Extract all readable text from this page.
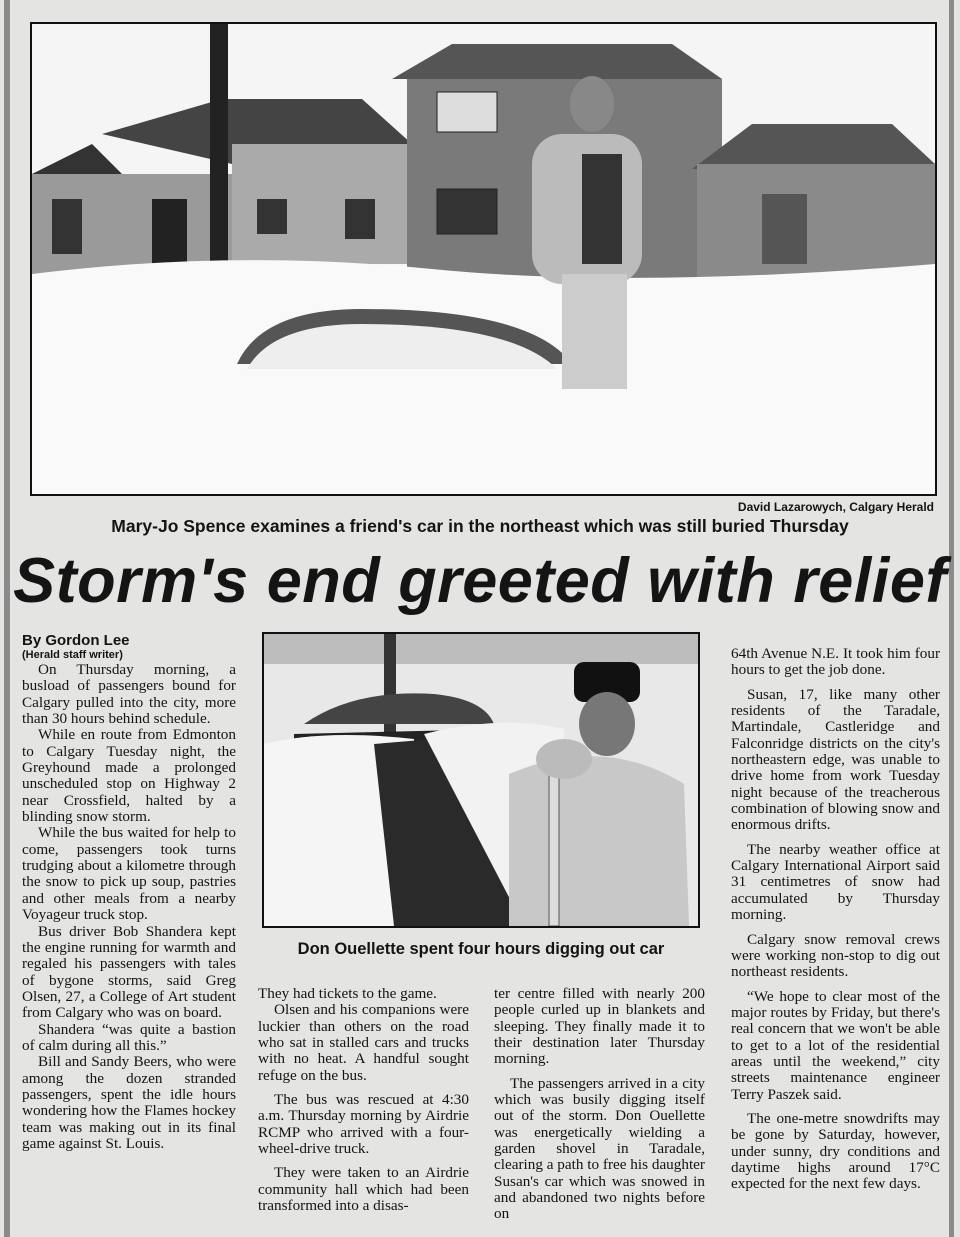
David Lazarowych, Calgary Herald
Mary-Jo Spence examines a friend's car in the northeast which was still buried Thursday
Storm's end greeted with relief
By Gordon Lee
(Herald staff writer)

On Thursday morning, a busload of passengers bound for Calgary pulled into the city, more than 30 hours behind schedule.

While en route from Edmonton to Calgary Tuesday night, the Greyhound made a prolonged unscheduled stop on Highway 2 near Crossfield, halted by a blinding snow storm.

While the bus waited for help to come, passengers took turns trudging about a kilometre through the snow to pick up soup, pastries and other meals from a nearby Voyageur truck stop.

Bus driver Bob Shandera kept the engine running for warmth and regaled his passengers with tales of bygone storms, said Greg Olsen, 27, a College of Art student from Calgary who was on board.

Shandera “was quite a bastion of calm during all this.”

Bill and Sandy Beers, who were among the dozen stranded passengers, spent the idle hours wondering how the Flames hockey team was making out in its final game against St. Louis.

Don Ouellette spent four hours digging out car

They had tickets to the game.

Olsen and his companions were luckier than others on the road who sat in stalled cars and trucks with no heat. A handful sought refuge on the bus.

The bus was rescued at 4:30 a.m. Thursday morning by Airdrie RCMP who arrived with a four-wheel-drive truck.

They were taken to an Airdrie community hall which had been transformed into a disas-

ter centre filled with nearly 200 people curled up in blankets and sleeping. They finally made it to their destination later Thursday morning.

The passengers arrived in a city which was busily digging itself out of the storm. Don Ouellette was energetically wielding a garden shovel in Taradale, clearing a path to free his daughter Susan's car which was snowed in and abandoned two nights before on

64th Avenue N.E. It took him four hours to get the job done.

Susan, 17, like many other residents of the Taradale, Martindale, Castleridge and Falconridge districts on the city's northeastern edge, was unable to drive home from work Tuesday night because of the treacherous combination of blowing snow and enormous drifts.

The nearby weather office at Calgary International Airport said 31 centimetres of snow had accumulated by Thursday morning.

Calgary snow removal crews were working non-stop to dig out northeast residents.

“We hope to clear most of the major routes by Friday, but there's real concern that we won't be able to get to a lot of the residential areas until the weekend,” city streets maintenance engineer Terry Paszek said.

The one-metre snowdrifts may be gone by Saturday, however, under sunny, dry conditions and daytime highs around 17°C expected for the next few days.
